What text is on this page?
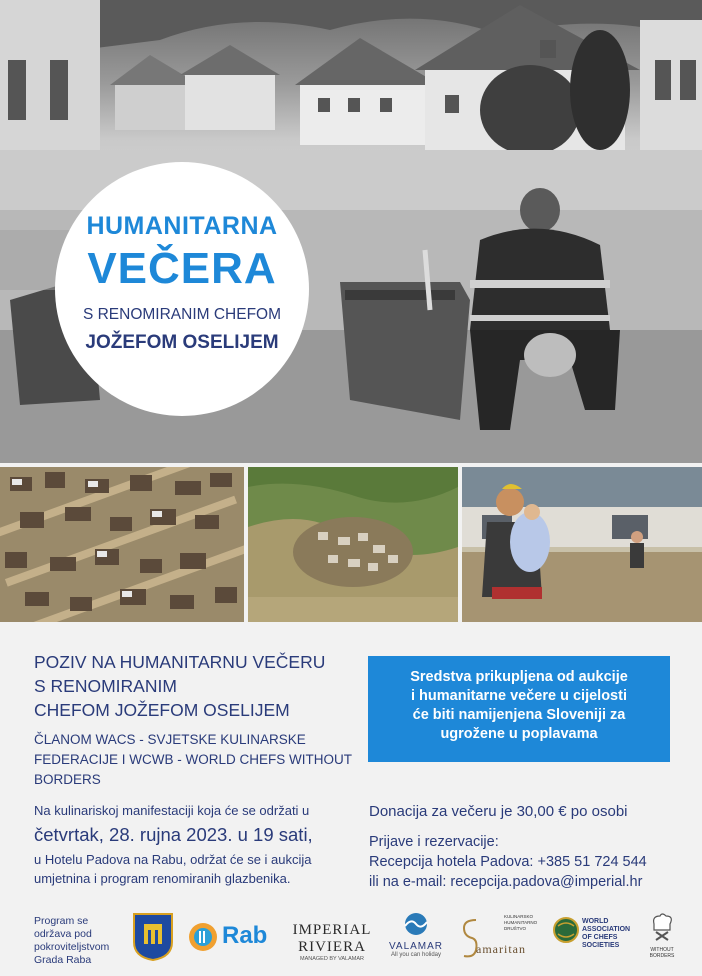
HUMANITARNA
VEČERA
S RENOMIRANIM CHEFOM
JOŽEFOM OSELIJEM
POZIV NA HUMANITARNU VEČERU
S RENOMIRANIM
CHEFOM JOŽEFOM OSELIJEM
ČLANOM WACS - SVJETSKE KULINARSKE
FEDERACIJE I WCWB - WORLD CHEFS WITHOUT
BORDERS
Sredstva prikupljena od aukcije
i humanitarne večere u cijelosti
će biti namijenjena Sloveniji za
ugrožene u poplavama
Na kulinariskoj manifestaciji koja će se održati u
četvrtak, 28. rujna 2023. u 19 sati,
u Hotelu Padova na Rabu, održat će se i aukcija
umjetnina i program renomiranih glazbenika.
Donacija za večeru je 30,00 € po osobi
Prijave i rezervacije:
Recepcija hotela Padova: +385 51 724 544
ili na e-mail: recepcija.padova@imperial.hr
Program se
održava pod
pokroviteljstvom
Grada Raba
Rab IMPERIAL
RIVIERA
MANAGED BY VALAMAR
VALAMAR
All you can holiday
KULINARSKO
HUMANITARNO
DRUŠTVO
amaritan
WORLD
ASSOCIATION
OF CHEFS
SOCIETIES
WITHOUT
BORDERS
